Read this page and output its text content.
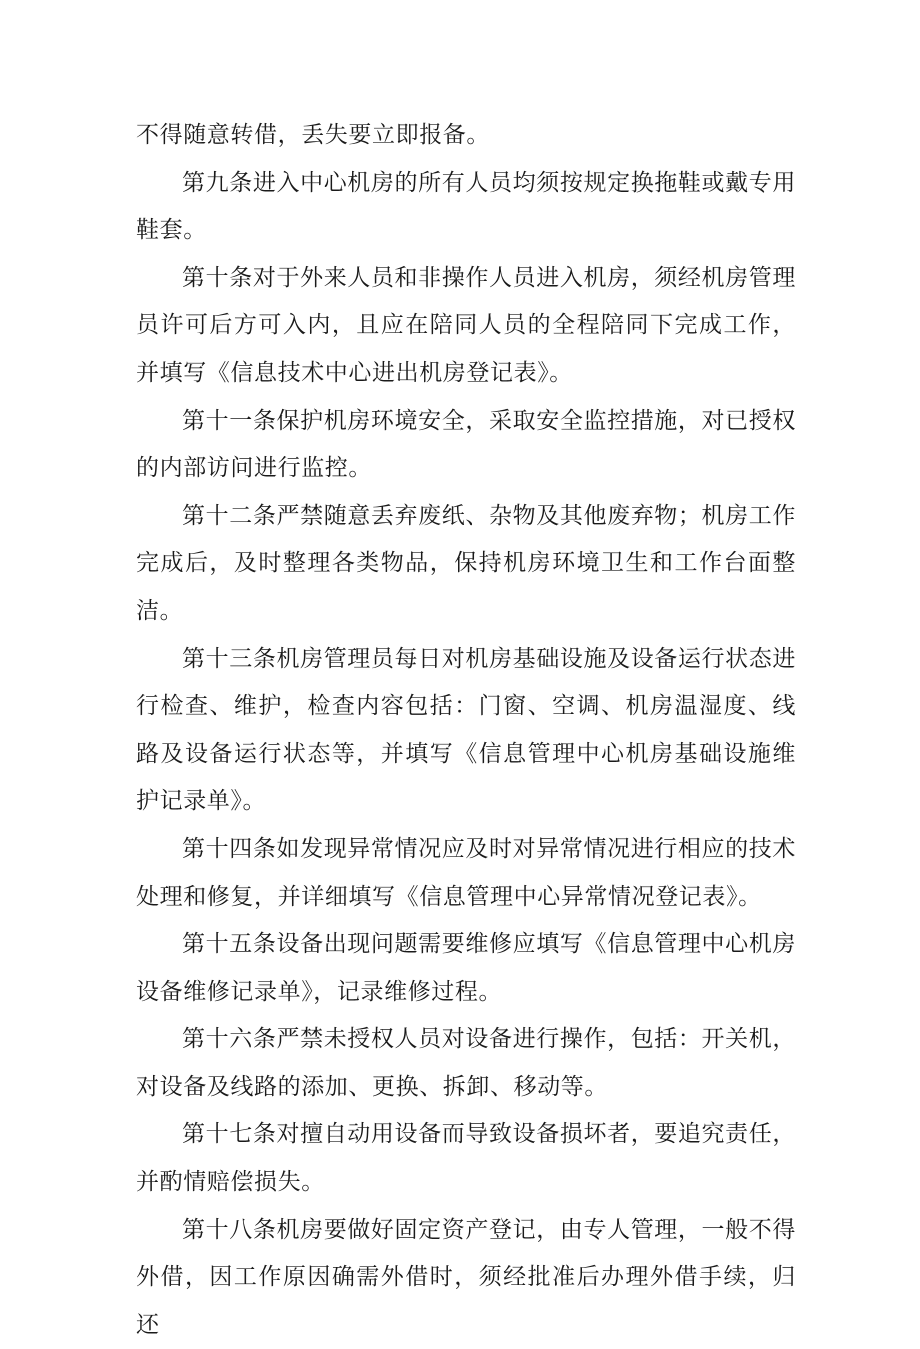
不得随意转借，丢失要立即报备。

第九条进入中心机房的所有人员均须按规定换拖鞋或戴专用鞋套。

第十条对于外来人员和非操作人员进入机房，须经机房管理员许可后方可入内，且应在陪同人员的全程陪同下完成工作，并填写《信息技术中心进出机房登记表》。

第十一条保护机房环境安全，采取安全监控措施，对已授权的内部访问进行监控。

第十二条严禁随意丢弃废纸、杂物及其他废弃物；机房工作完成后，及时整理各类物品，保持机房环境卫生和工作台面整洁。

第十三条机房管理员每日对机房基础设施及设备运行状态进行检查、维护，检查内容包括：门窗、空调、机房温湿度、线路及设备运行状态等，并填写《信息管理中心机房基础设施维护记录单》。

第十四条如发现异常情况应及时对异常情况进行相应的技术处理和修复，并详细填写《信息管理中心异常情况登记表》。

第十五条设备出现问题需要维修应填写《信息管理中心机房设备维修记录单》，记录维修过程。

第十六条严禁未授权人员对设备进行操作，包括：开关机，对设备及线路的添加、更换、拆卸、移动等。

第十七条对擅自动用设备而导致设备损坏者，要追究责任，并酌情赔偿损失。

第十八条机房要做好固定资产登记，由专人管理，一般不得外借，因工作原因确需外借时，须经批准后办理外借手续，归还
